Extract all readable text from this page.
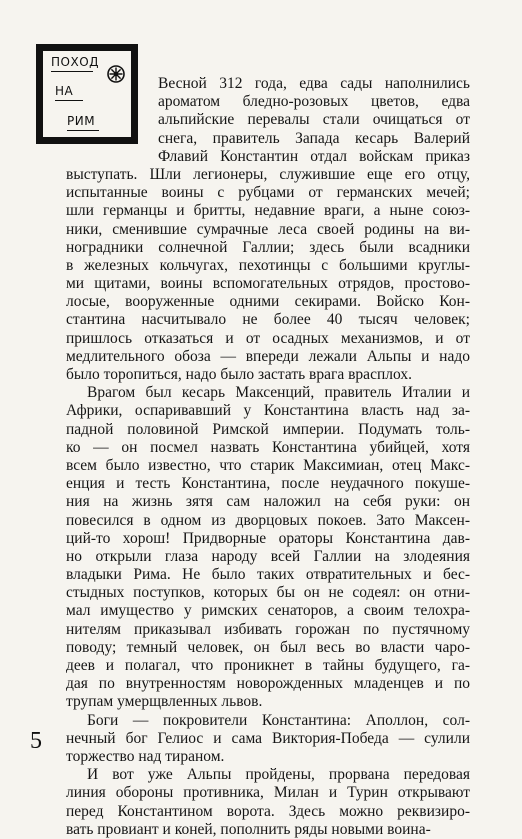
ПОХОД
НА
РИМ
Весной 312 года, едва сады наполнились
ароматом бледно-розовых цветов, едва
альпийские перевалы стали очищаться от
снега, правитель Запада кесарь Валерий
Флавий Константин отдал войскам приказ
выступать. Шли легионеры, служившие еще его отцу,
испытанные воины с рубцами от германских мечей;
шли германцы и бритты, недавние враги, а ныне союз-
ники, сменившие сумрачные леса своей родины на ви-
ноградники солнечной Галлии; здесь были всадники
в железных кольчугах, пехотинцы с большими круглы-
ми щитами, воины вспомогательных отрядов, простово-
лосые, вооруженные одними секирами. Войско Кон-
стантина насчитывало не более 40 тысяч человек;
пришлось отказаться и от осадных механизмов, и от
медлительного обоза — впереди лежали Альпы и надо
было торопиться, надо было застать врага врасплох.
Врагом был кесарь Максенций, правитель Италии и
Африки, оспаривавший у Константина власть над за-
падной половиной Римской империи. Подумать толь-
ко — он посмел назвать Константина убийцей, хотя
всем было известно, что старик Максимиан, отец Макс-
енция и тесть Константина, после неудачного покуше-
ния на жизнь зятя сам наложил на себя руки: он
повесился в одном из дворцовых покоев. Зато Максен-
ций-то хорош! Придворные ораторы Константина дав-
но открыли глаза народу всей Галлии на злодеяния
владыки Рима. Не было таких отвратительных и бес-
стыдных поступков, которых бы он не содеял: он отни-
мал имущество у римских сенаторов, а своим телохра-
нителям приказывал избивать горожан по пустячному
поводу; темный человек, он был весь во власти чаро-
деев и полагал, что проникнет в тайны будущего, га-
дая по внутренностям новорожденных младенцев и по
трупам умерщвленных львов.
Боги — покровители Константина: Аполлон, сол-
нечный бог Гелиос и сама Виктория-Победа — сулили
торжество над тираном.
И вот уже Альпы пройдены, прорвана передовая
линия обороны противника, Милан и Турин открывают
перед Константином ворота. Здесь можно реквизиро-
вать провиант и коней, пополнить ряды новыми воина-
5
